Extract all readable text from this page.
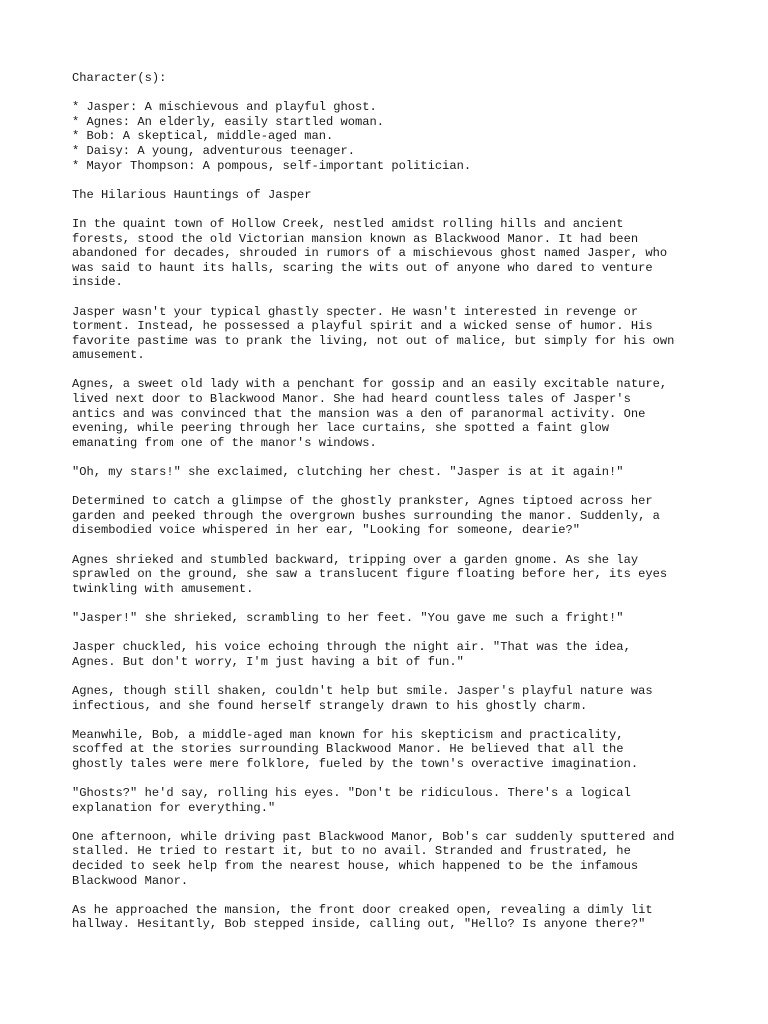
Character(s):

* Jasper: A mischievous and playful ghost.
* Agnes: An elderly, easily startled woman.
* Bob: A skeptical, middle-aged man.
* Daisy: A young, adventurous teenager.
* Mayor Thompson: A pompous, self-important politician.

The Hilarious Hauntings of Jasper

In the quaint town of Hollow Creek, nestled amidst rolling hills and ancient
forests, stood the old Victorian mansion known as Blackwood Manor. It had been
abandoned for decades, shrouded in rumors of a mischievous ghost named Jasper, who
was said to haunt its halls, scaring the wits out of anyone who dared to venture
inside.

Jasper wasn't your typical ghastly specter. He wasn't interested in revenge or
torment. Instead, he possessed a playful spirit and a wicked sense of humor. His
favorite pastime was to prank the living, not out of malice, but simply for his own
amusement.

Agnes, a sweet old lady with a penchant for gossip and an easily excitable nature,
lived next door to Blackwood Manor. She had heard countless tales of Jasper's
antics and was convinced that the mansion was a den of paranormal activity. One
evening, while peering through her lace curtains, she spotted a faint glow
emanating from one of the manor's windows.

"Oh, my stars!" she exclaimed, clutching her chest. "Jasper is at it again!"

Determined to catch a glimpse of the ghostly prankster, Agnes tiptoed across her
garden and peeked through the overgrown bushes surrounding the manor. Suddenly, a
disembodied voice whispered in her ear, "Looking for someone, dearie?"

Agnes shrieked and stumbled backward, tripping over a garden gnome. As she lay
sprawled on the ground, she saw a translucent figure floating before her, its eyes
twinkling with amusement.

"Jasper!" she shrieked, scrambling to her feet. "You gave me such a fright!"

Jasper chuckled, his voice echoing through the night air. "That was the idea,
Agnes. But don't worry, I'm just having a bit of fun."

Agnes, though still shaken, couldn't help but smile. Jasper's playful nature was
infectious, and she found herself strangely drawn to his ghostly charm.

Meanwhile, Bob, a middle-aged man known for his skepticism and practicality,
scoffed at the stories surrounding Blackwood Manor. He believed that all the
ghostly tales were mere folklore, fueled by the town's overactive imagination.

"Ghosts?" he'd say, rolling his eyes. "Don't be ridiculous. There's a logical
explanation for everything."

One afternoon, while driving past Blackwood Manor, Bob's car suddenly sputtered and
stalled. He tried to restart it, but to no avail. Stranded and frustrated, he
decided to seek help from the nearest house, which happened to be the infamous
Blackwood Manor.

As he approached the mansion, the front door creaked open, revealing a dimly lit
hallway. Hesitantly, Bob stepped inside, calling out, "Hello? Is anyone there?"
